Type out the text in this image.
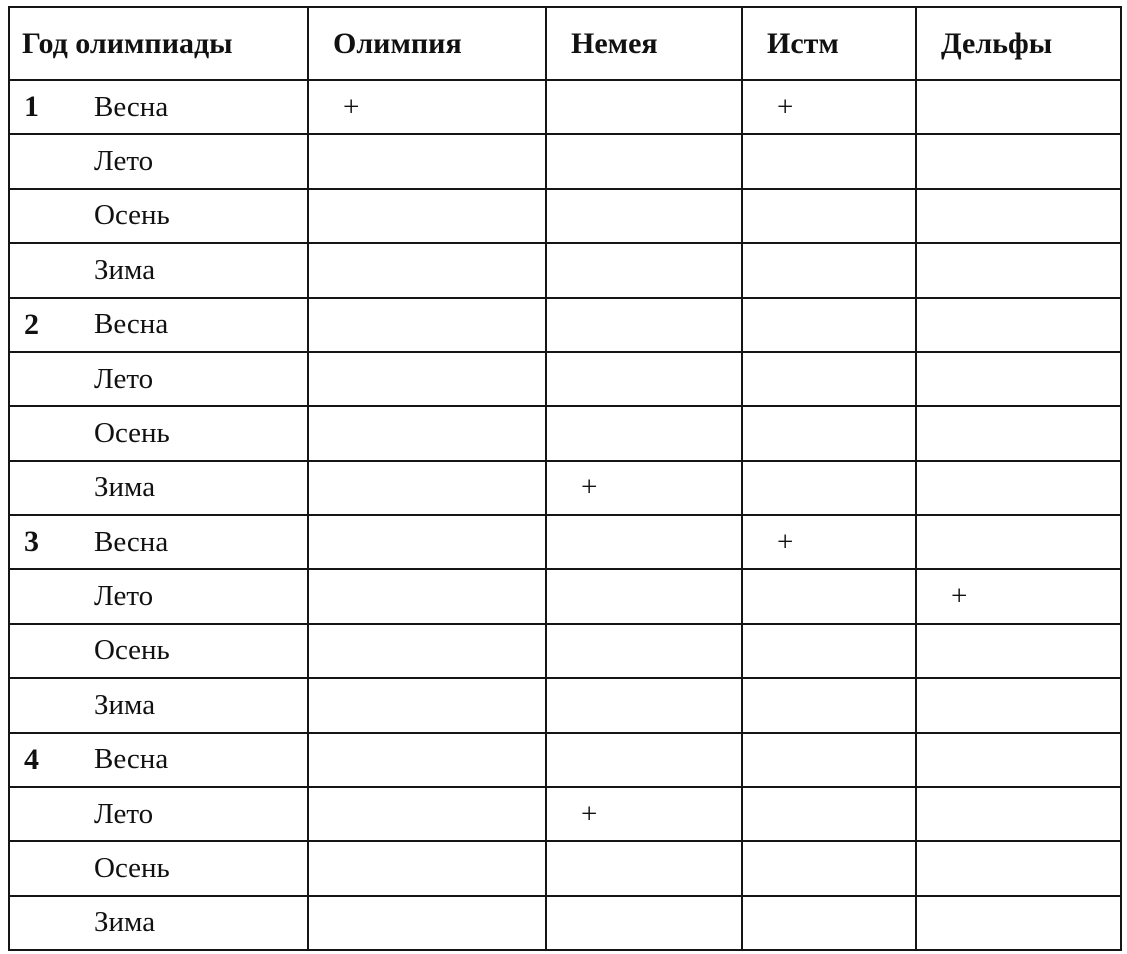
Год олимпиады	Олимпия	Немея	Истм	Дельфы

1 Весна	+		+	

Лето				

Осень				

Зима				

2 Весна				

Лето				

Осень				

Зима		+		

3 Весна			+	

Лето				+

Осень				

Зима				

4 Весна				

Лето		+		

Осень				

Зима				
